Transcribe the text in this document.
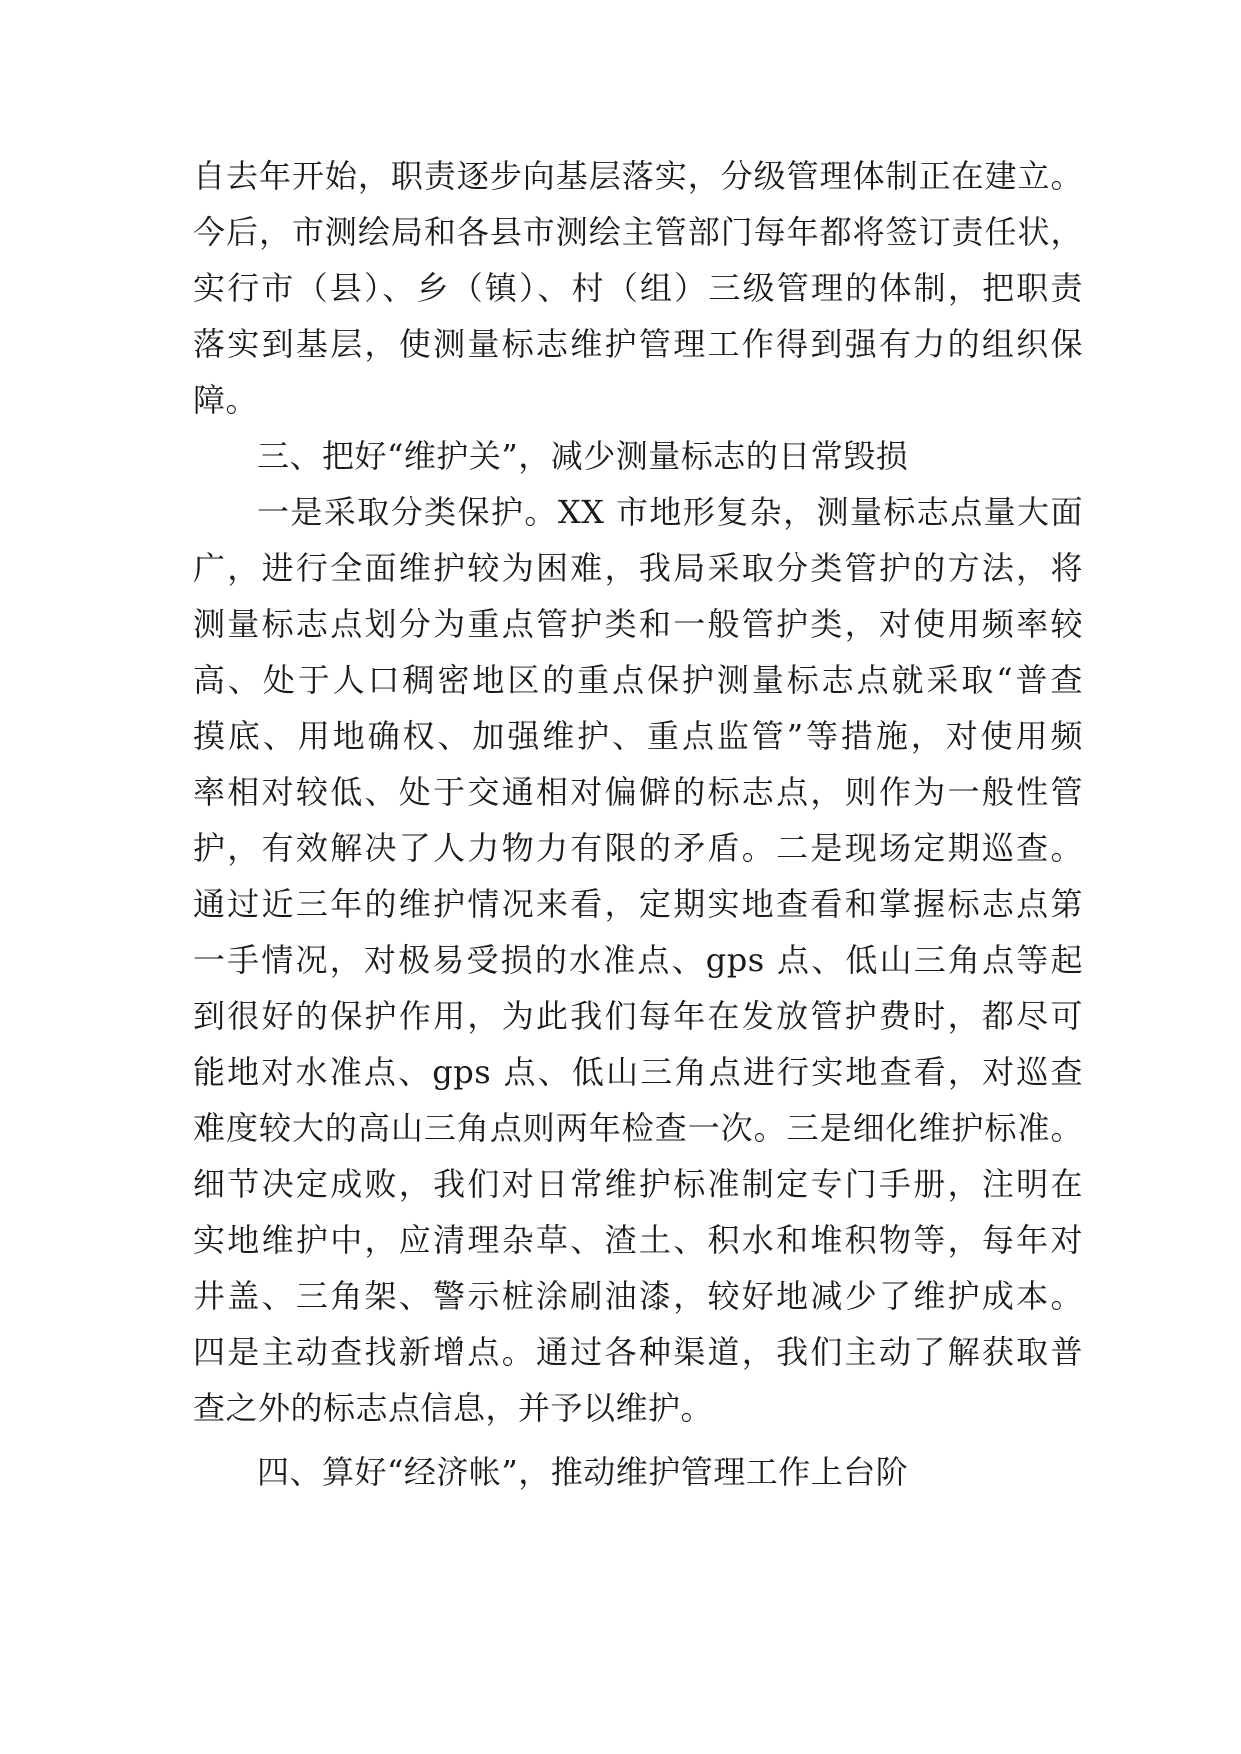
自去年开始，职责逐步向基层落实，分级管理体制正在建立。
今后，市测绘局和各县市测绘主管部门每年都将签订责任状，
实行市（县）、乡（镇）、村（组）三级管理的体制，把职责
落实到基层，使测量标志维护管理工作得到强有力的组织保
障。
三、把好“维护关”，减少测量标志的日常毁损
一是采取分类保护。XX 市地形复杂，测量标志点量大面
广，进行全面维护较为困难，我局采取分类管护的方法，将
测量标志点划分为重点管护类和一般管护类，对使用频率较
高、处于人口稠密地区的重点保护测量标志点就采取“普查
摸底、用地确权、加强维护、重点监管”等措施，对使用频
率相对较低、处于交通相对偏僻的标志点，则作为一般性管
护，有效解决了人力物力有限的矛盾。二是现场定期巡查。
通过近三年的维护情况来看，定期实地查看和掌握标志点第
一手情况，对极易受损的水准点、gps 点、低山三角点等起
到很好的保护作用，为此我们每年在发放管护费时，都尽可
能地对水准点、gps 点、低山三角点进行实地查看，对巡查
难度较大的高山三角点则两年检查一次。三是细化维护标准。
细节决定成败，我们对日常维护标准制定专门手册，注明在
实地维护中，应清理杂草、渣土、积水和堆积物等，每年对
井盖、三角架、警示桩涂刷油漆，较好地减少了维护成本。
四是主动查找新增点。通过各种渠道，我们主动了解获取普
查之外的标志点信息，并予以维护。
四、算好“经济帐”，推动维护管理工作上台阶
